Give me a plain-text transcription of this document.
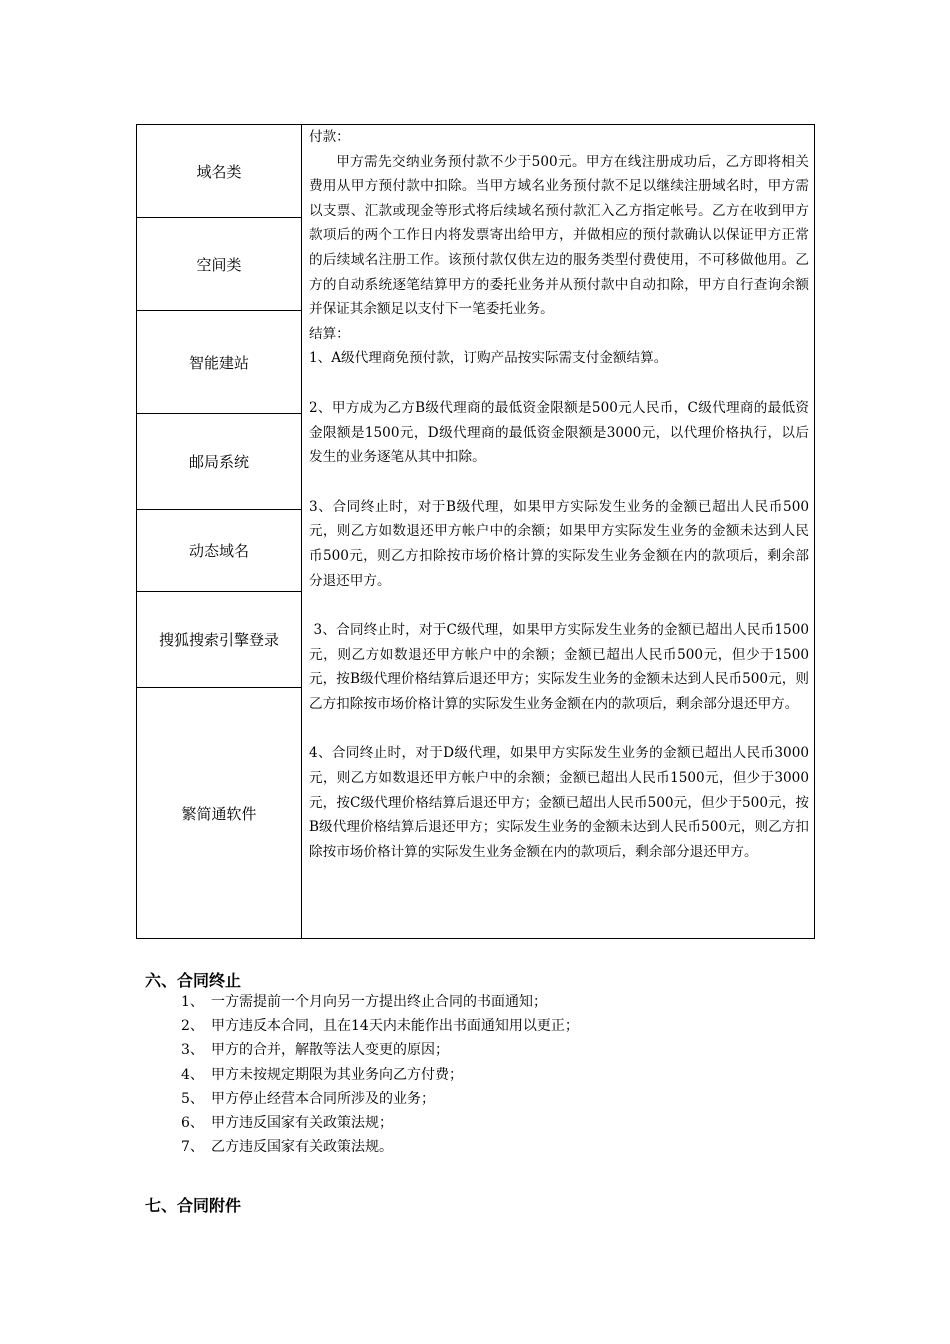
域名类
空间类
智能建站
邮局系统
动态域名
搜狐搜索引擎登录
繁简通软件

付款：

甲方需先交纳业务预付款不少于500元。甲方在线注册成功后，乙方即将相关费用从甲方预付款中扣除。当甲方域名业务预付款不足以继续注册域名时，甲方需以支票、汇款或现金等形式将后续域名预付款汇入乙方指定帐号。乙方在收到甲方款项后的两个工作日内将发票寄出给甲方，并做相应的预付款确认以保证甲方正常的后续域名注册工作。该预付款仅供左边的服务类型付费使用，不可移做他用。乙方的自动系统逐笔结算甲方的委托业务并从预付款中自动扣除，甲方自行查询余额并保证其余额足以支付下一笔委托业务。

结算：

1、A级代理商免预付款，订购产品按实际需支付金额结算。

2、甲方成为乙方B级代理商的最低资金限额是500元人民币，C级代理商的最低资金限额是1500元，D级代理商的最低资金限额是3000元，以代理价格执行，以后发生的业务逐笔从其中扣除。

3、合同终止时，对于B级代理，如果甲方实际发生业务的金额已超出人民币500元，则乙方如数退还甲方帐户中的余额；如果甲方实际发生业务的金额未达到人民币500元，则乙方扣除按市场价格计算的实际发生业务金额在内的款项后，剩余部分退还甲方。

3、合同终止时，对于C级代理，如果甲方实际发生业务的金额已超出人民币1500元，则乙方如数退还甲方帐户中的余额；金额已超出人民币500元，但少于1500元，按B级代理价格结算后退还甲方；实际发生业务的金额未达到人民币500元，则乙方扣除按市场价格计算的实际发生业务金额在内的款项后，剩余部分退还甲方。

4、合同终止时，对于D级代理，如果甲方实际发生业务的金额已超出人民币3000元，则乙方如数退还甲方帐户中的余额；金额已超出人民币1500元，但少于3000元，按C级代理价格结算后退还甲方；金额已超出人民币500元，但少于500元，按B级代理价格结算后退还甲方；实际发生业务的金额未达到人民币500元，则乙方扣除按市场价格计算的实际发生业务金额在内的款项后，剩余部分退还甲方。

六、合同终止
1、 一方需提前一个月向另一方提出终止合同的书面通知；
2、 甲方违反本合同，且在14天内未能作出书面通知用以更正；
3、 甲方的合并，解散等法人变更的原因；
4、 甲方未按规定期限为其业务向乙方付费；
5、 甲方停止经营本合同所涉及的业务；
6、 甲方违反国家有关政策法规；
7、 乙方违反国家有关政策法规。
七、合同附件
